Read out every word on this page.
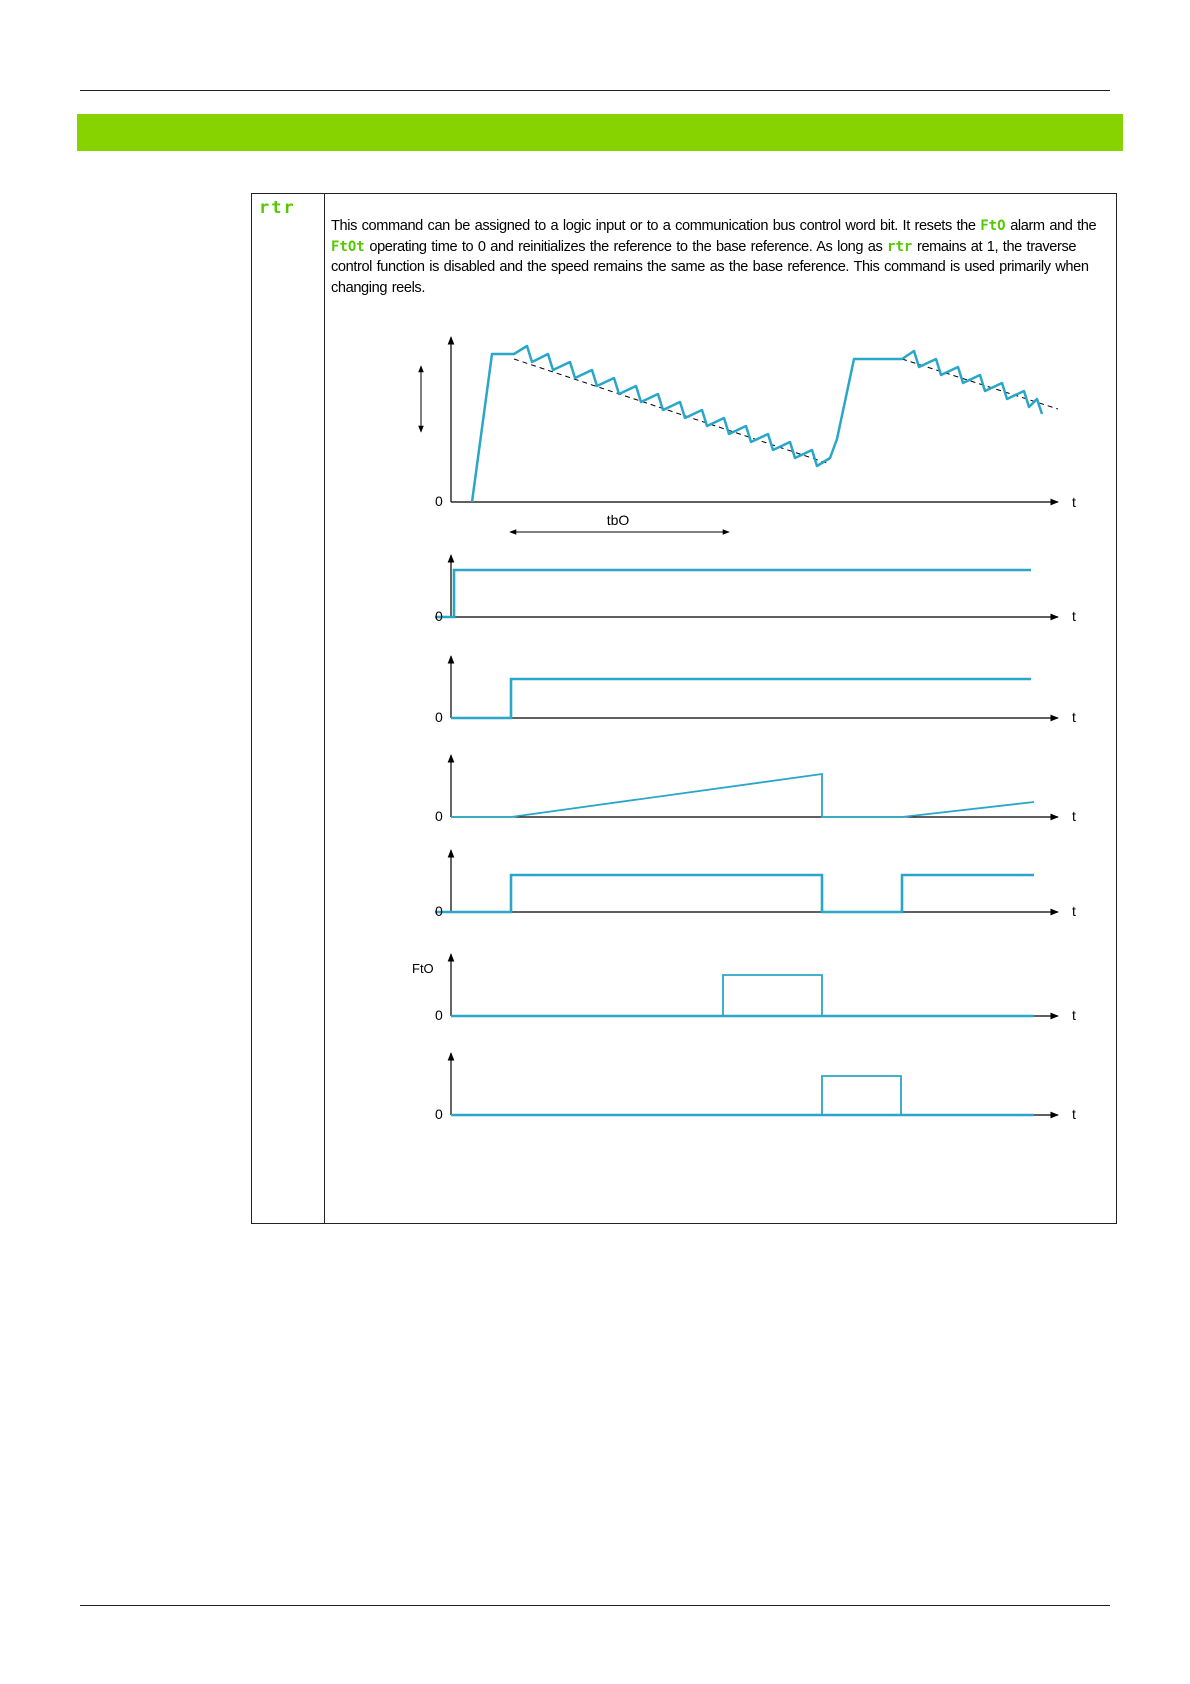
rtr
This command can be assigned to a logic input or to a communication bus control word bit. It resets the FtO alarm and the FtOt operating time to 0 and reinitializes the reference to the base reference. As long as rtr remains at 1, the traverse control function is disabled and the speed remains the same as the base reference. This command is used primarily when changing reels.
0	t
tbO
0	t
0	t
0	t
0	t
0	t
FtO
0	t
